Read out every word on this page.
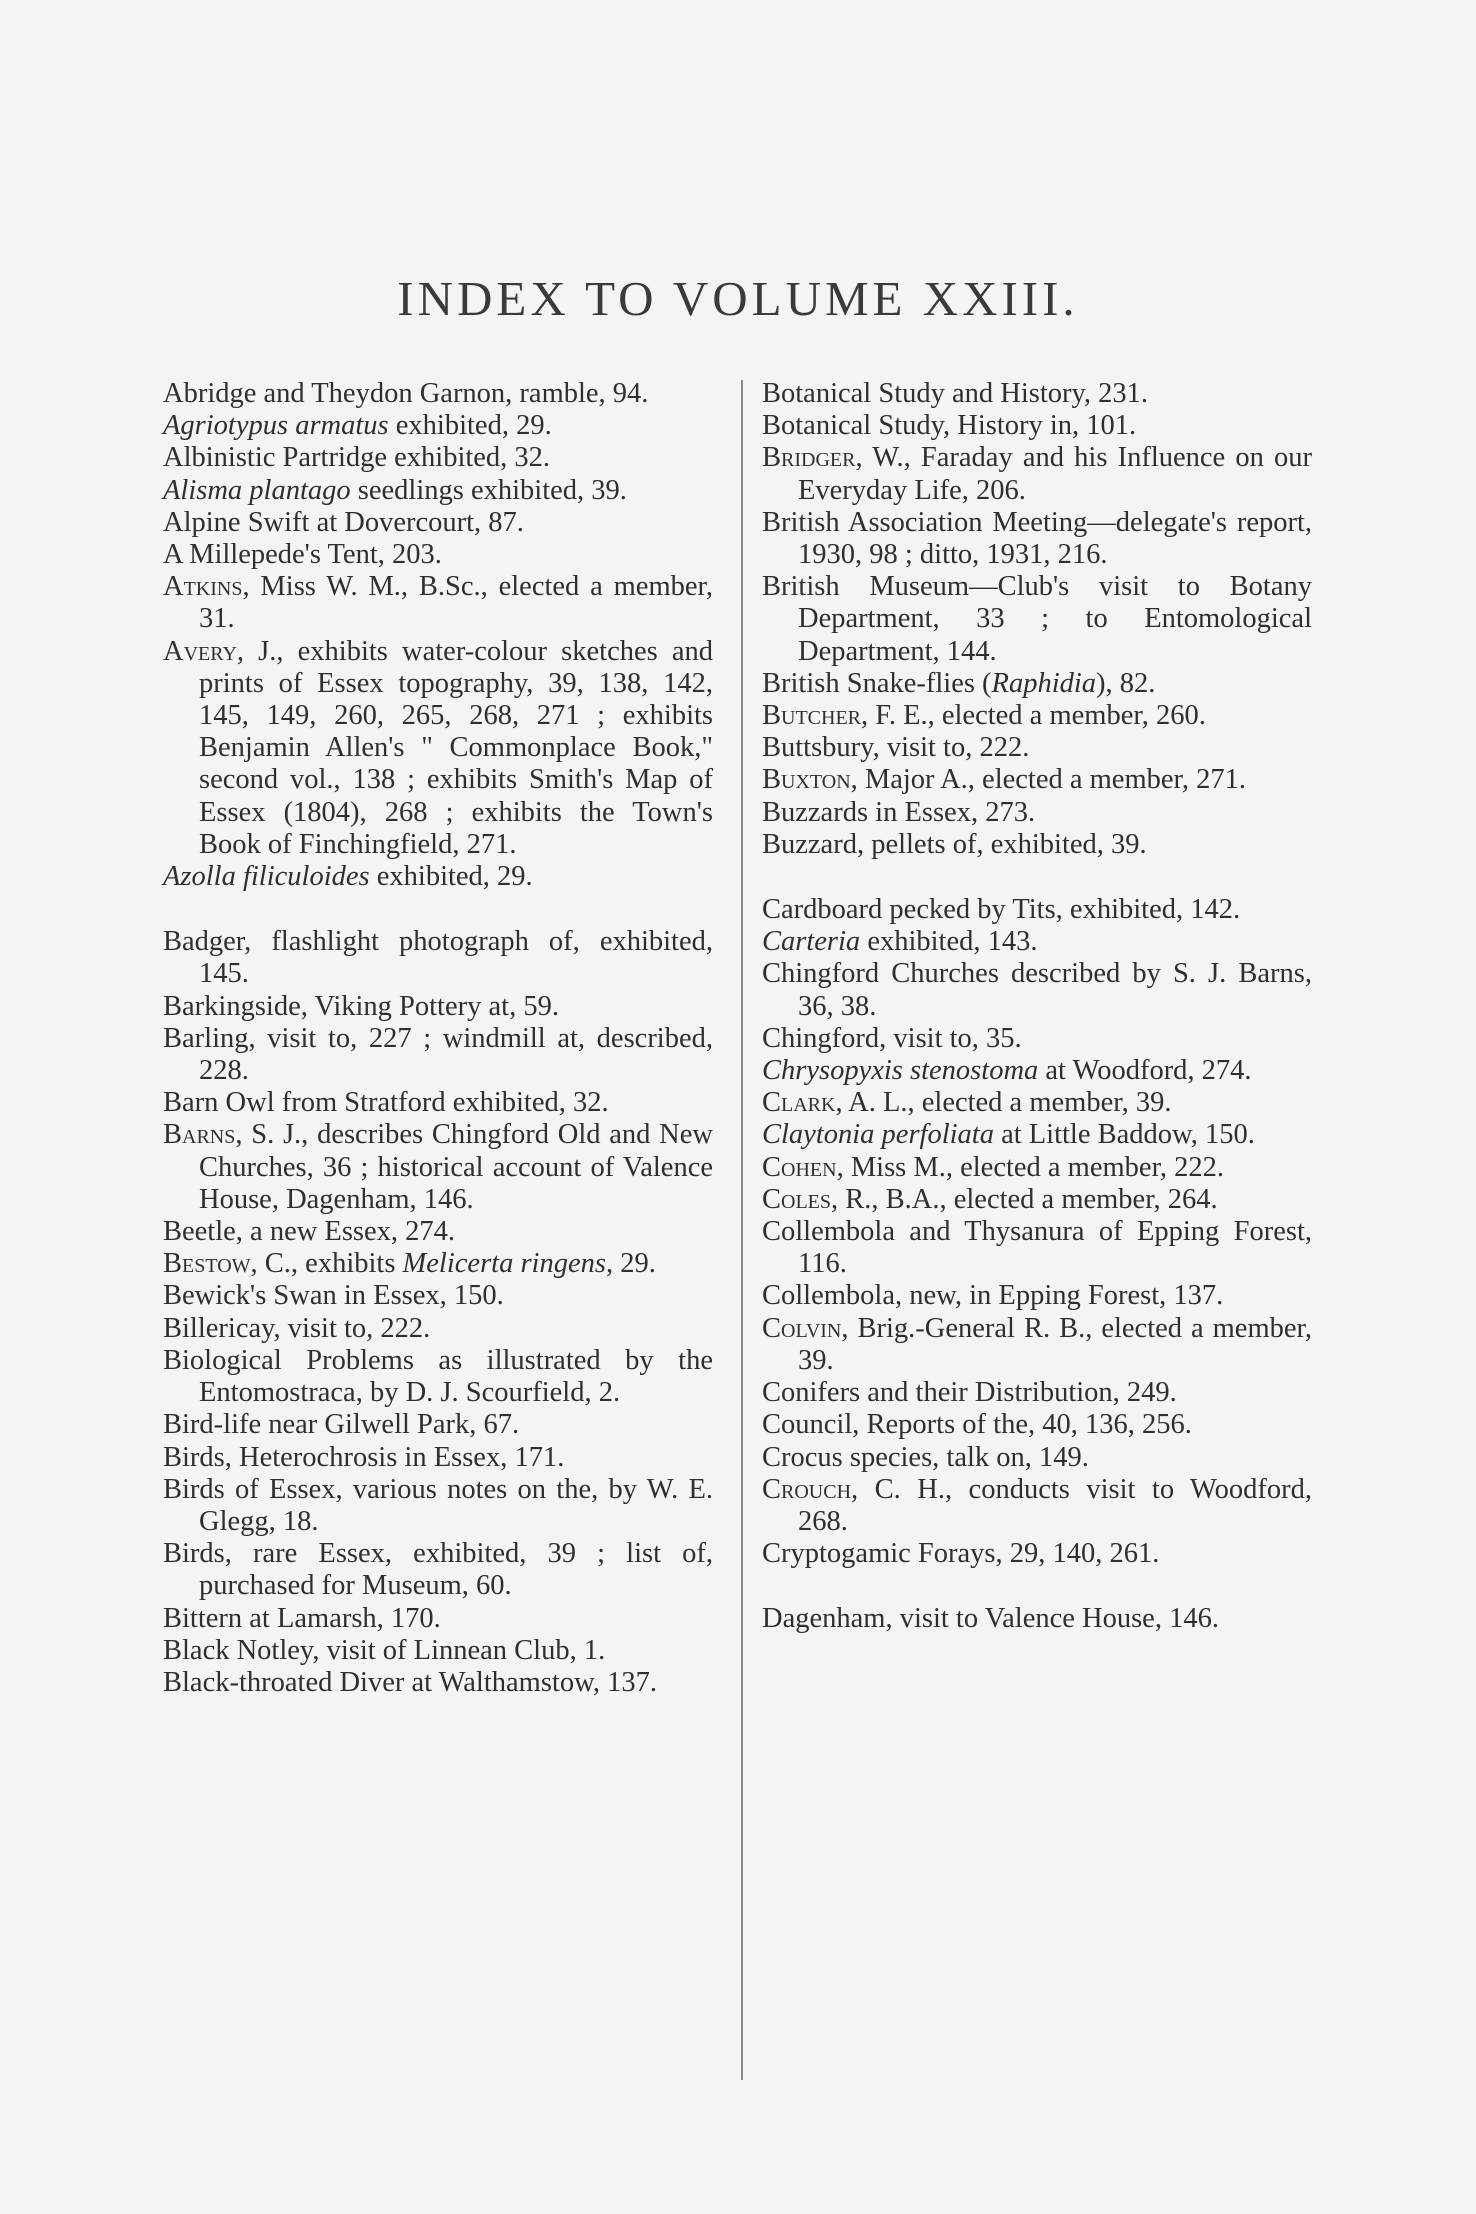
INDEX TO VOLUME XXIII.

Abridge and Theydon Garnon, ramble, 94.

Agriotypus armatus exhibited, 29.

Albinistic Partridge exhibited, 32.

Alisma plantago seedlings exhibited, 39.

Alpine Swift at Dovercourt, 87.

A Millepede's Tent, 203.

Atkins, Miss W. M., B.Sc., elected a member, 31.

Avery, J., exhibits water-colour sketches and prints of Essex topography, 39, 138, 142, 145, 149, 260, 265, 268, 271 ; exhibits Benjamin Allen's " Commonplace Book," second vol., 138 ; exhibits Smith's Map of Essex (1804), 268 ; exhibits the Town's Book of Finchingfield, 271.

Azolla filiculoides exhibited, 29.

Badger, flashlight photograph of, exhibited, 145.

Barkingside, Viking Pottery at, 59.

Barling, visit to, 227 ; windmill at, described, 228.

Barn Owl from Stratford exhibited, 32.

Barns, S. J., describes Chingford Old and New Churches, 36 ; historical account of Valence House, Dagenham, 146.

Beetle, a new Essex, 274.

Bestow, C., exhibits Melicerta ringens, 29.

Bewick's Swan in Essex, 150.

Billericay, visit to, 222.

Biological Problems as illustrated by the Entomostraca, by D. J. Scourfield, 2.

Bird-life near Gilwell Park, 67.

Birds, Heterochrosis in Essex, 171.

Birds of Essex, various notes on the, by W. E. Glegg, 18.

Birds, rare Essex, exhibited, 39 ; list of, purchased for Museum, 60.

Bittern at Lamarsh, 170.

Black Notley, visit of Linnean Club, 1.

Black-throated Diver at Walthamstow, 137.

Botanical Study and History, 231.

Botanical Study, History in, 101.

Bridger, W., Faraday and his Influence on our Everyday Life, 206.

British Association Meeting—delegate's report, 1930, 98 ; ditto, 1931, 216.

British Museum—Club's visit to Botany Department, 33 ; to Entomological Department, 144.

British Snake-flies (Raphidia), 82.

Butcher, F. E., elected a member, 260.

Buttsbury, visit to, 222.

Buxton, Major A., elected a member, 271.

Buzzards in Essex, 273.

Buzzard, pellets of, exhibited, 39.

Cardboard pecked by Tits, exhibited, 142.

Carteria exhibited, 143.

Chingford Churches described by S. J. Barns, 36, 38.

Chingford, visit to, 35.

Chrysopyxis stenostoma at Woodford, 274.

Clark, A. L., elected a member, 39.

Claytonia perfoliata at Little Baddow, 150.

Cohen, Miss M., elected a member, 222.

Coles, R., B.A., elected a member, 264.

Collembola and Thysanura of Epping Forest, 116.

Collembola, new, in Epping Forest, 137.

Colvin, Brig.-General R. B., elected a member, 39.

Conifers and their Distribution, 249.

Council, Reports of the, 40, 136, 256.

Crocus species, talk on, 149.

Crouch, C. H., conducts visit to Woodford, 268.

Cryptogamic Forays, 29, 140, 261.

Dagenham, visit to Valence House, 146.
